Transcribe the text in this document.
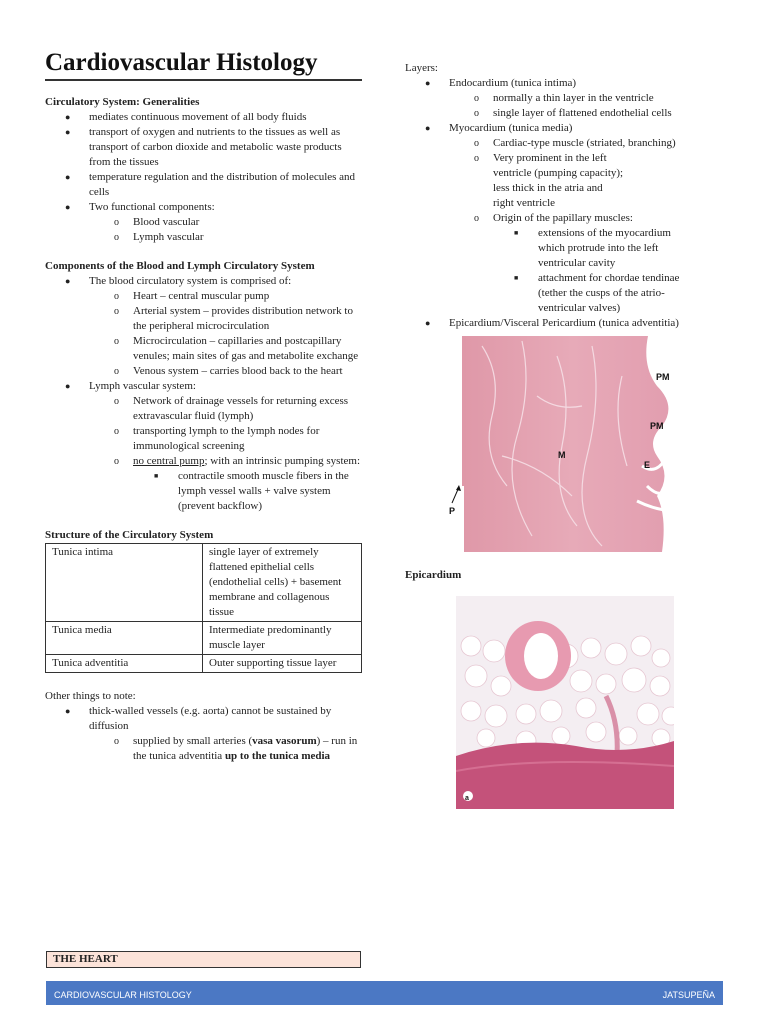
Cardiovascular Histology

Circulatory System: Generalities

● mediates continuous movement of all body fluids
● transport of oxygen and nutrients to the tissues as well as transport of carbon dioxide and metabolic waste products from the tissues
● temperature regulation and the distribution of molecules and cells
● Two functional components:
o Blood vascular
o Lymph vascular

Components of the Blood and Lymph Circulatory System

● The blood circulatory system is comprised of:
o Heart – central muscular pump
o Arterial system – provides distribution network to the peripheral microcirculation
o Microcirculation – capillaries and postcapillary venules; main sites of gas and metabolite exchange
o Venous system – carries blood back to the heart
● Lymph vascular system:
o Network of drainage vessels for returning excess extravascular fluid (lymph)
o transporting lymph to the lymph nodes for immunological screening
o no central pump; with an intrinsic pumping system:
■ contractile smooth muscle fibers in the lymph vessel walls + valve system (prevent backflow)

Structure of the Circulatory System

Tunica intima	single layer of extremely flattened epithelial cells (endothelial cells) + basement membrane and collagenous tissue
Tunica media	Intermediate predominantly muscle layer
Tunica adventitia	Outer supporting tissue layer

Other things to note:

● thick-walled vessels (e.g. aorta) cannot be sustained by diffusion
o supplied by small arteries (vasa vasorum) – run in the tunica adventitia up to the tunica media

Layers:

● Endocardium (tunica intima)
o normally a thin layer in the ventricle
o single layer of flattened endothelial cells
● Myocardium (tunica media)
o Cardiac-type muscle (striated, branching)
o Very prominent in the left ventricle (pumping capacity); less thick in the atria and right ventricle
o Origin of the papillary muscles:
■ extensions of the myocardium which protrude into the left ventricular cavity
■ attachment for chordae tendinae (tether the cusps of the atrio-ventricular valves)
● Epicardium/Visceral Pericardium (tunica adventitia)
PM
PM
M
E
P

Epicardium

a
THE HEART
CARDIOVASCULAR HISTOLOGY	JATSUPEÑA
